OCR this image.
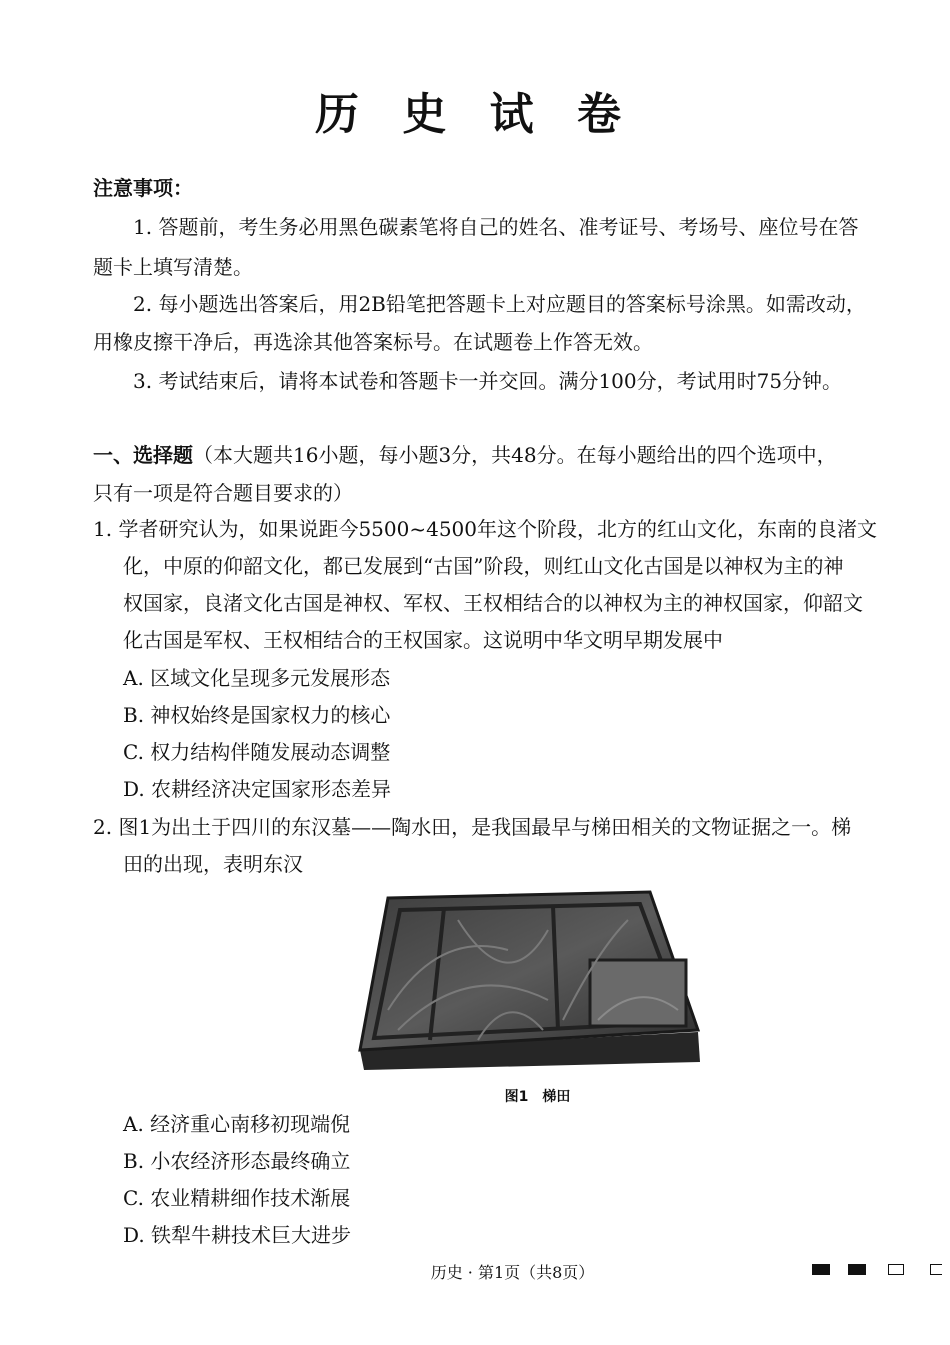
历 史 试 卷
注意事项：
1. 答题前，考生务必用黑色碳素笔将自己的姓名、准考证号、考场号、座位号在答
题卡上填写清楚。
2. 每小题选出答案后，用2B铅笔把答题卡上对应题目的答案标号涂黑。如需改动，
用橡皮擦干净后，再选涂其他答案标号。在试题卷上作答无效。
3. 考试结束后，请将本试卷和答题卡一并交回。满分100分，考试用时75分钟。
一、选择题（本大题共16小题，每小题3分，共48分。在每小题给出的四个选项中，
只有一项是符合题目要求的）
1. 学者研究认为，如果说距今5500~4500年这个阶段，北方的红山文化，东南的良渚文
化，中原的仰韶文化，都已发展到“古国”阶段，则红山文化古国是以神权为主的神
权国家，良渚文化古国是神权、军权、王权相结合的以神权为主的神权国家，仰韶文
化古国是军权、王权相结合的王权国家。这说明中华文明早期发展中
A. 区域文化呈现多元发展形态
B. 神权始终是国家权力的核心
C. 权力结构伴随发展动态调整
D. 农耕经济决定国家形态差异
2. 图1为出土于四川的东汉墓——陶水田，是我国最早与梯田相关的文物证据之一。梯
田的出现，表明东汉
图1　梯田
A. 经济重心南移初现端倪
B. 小农经济形态最终确立
C. 农业精耕细作技术渐展
D. 铁犁牛耕技术巨大进步
历史 · 第1页（共8页）
